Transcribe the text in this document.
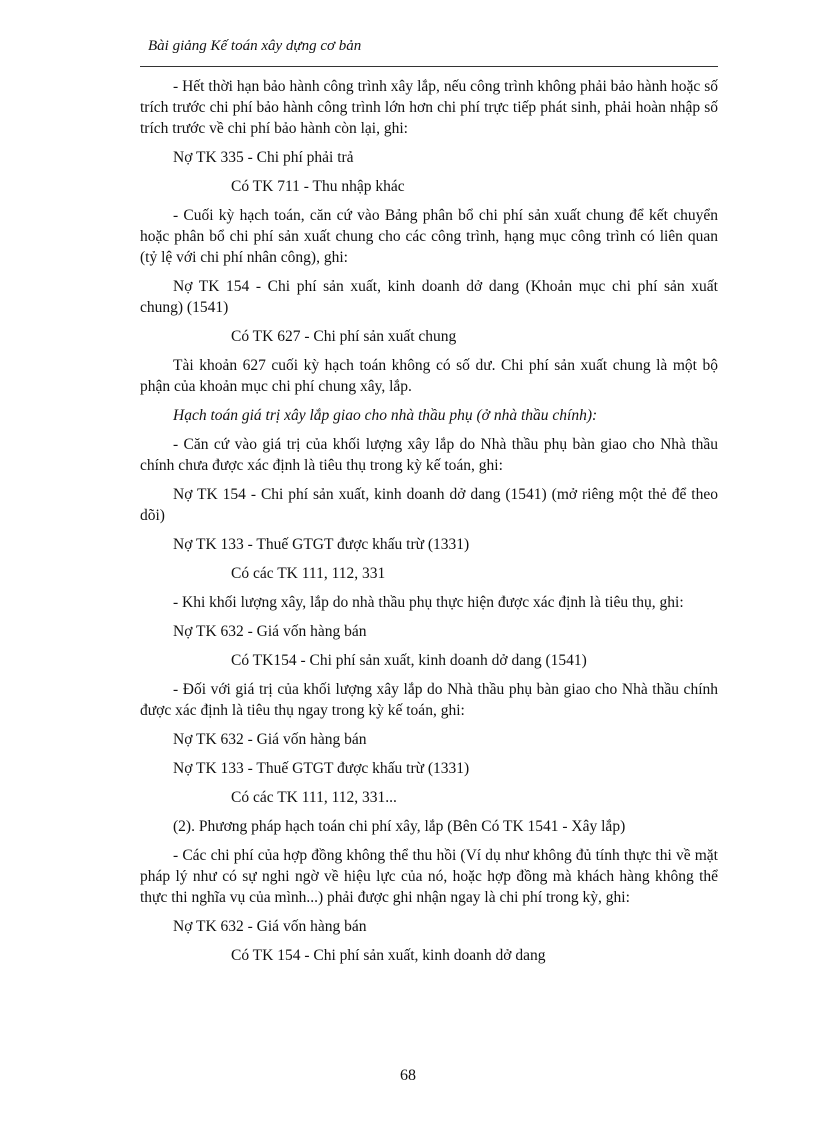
Bài giảng Kế toán xây dựng cơ bản

- Hết thời hạn bảo hành công trình xây lắp, nếu công trình không phải bảo hành hoặc số trích trước chi phí bảo hành công trình lớn hơn chi phí trực tiếp phát sinh, phải hoàn nhập số trích trước về chi phí bảo hành còn lại, ghi:

Nợ TK 335 - Chi phí phải trả
Có TK 711 - Thu nhập khác

- Cuối kỳ hạch toán, căn cứ vào Bảng phân bổ chi phí sản xuất chung để kết chuyển hoặc phân bổ chi phí sản xuất chung cho các công trình, hạng mục công trình có liên quan (tỷ lệ với chi phí nhân công), ghi:

Nợ TK 154 - Chi phí sản xuất, kinh doanh dở dang (Khoản mục chi phí sản xuất chung) (1541)

Có TK 627 - Chi phí sản xuất chung

Tài khoản 627 cuối kỳ hạch toán không có số dư. Chi phí sản xuất chung là một bộ phận của khoản mục chi phí chung xây, lắp.

Hạch toán giá trị xây lắp giao cho nhà thầu phụ (ở nhà thầu chính):

- Căn cứ vào giá trị của khối lượng xây lắp do Nhà thầu phụ bàn giao cho Nhà thầu chính chưa được xác định là tiêu thụ trong kỳ kế toán, ghi:

Nợ TK 154 - Chi phí sản xuất, kinh doanh dở dang (1541) (mở riêng một thẻ để theo dõi)

Nợ TK 133 - Thuế GTGT được khấu trừ (1331)
Có các TK 111, 112, 331
- Khi khối lượng xây, lắp do nhà thầu phụ thực hiện được xác định là tiêu thụ, ghi:
Nợ TK 632 - Giá vốn hàng bán
Có TK154 - Chi phí sản xuất, kinh doanh dở dang (1541)

- Đối với giá trị của khối lượng xây lắp do Nhà thầu phụ bàn giao cho Nhà thầu chính được xác định là tiêu thụ ngay trong kỳ kế toán, ghi:

Nợ TK 632 - Giá vốn hàng bán
Nợ TK 133 - Thuế GTGT được khấu trừ (1331)
Có các TK 111, 112, 331...
(2). Phương pháp hạch toán chi phí xây, lắp (Bên Có TK 1541 - Xây lắp)

- Các chi phí của hợp đồng không thể thu hồi (Ví dụ như không đủ tính thực thi về mặt pháp lý như có sự nghi ngờ về hiệu lực của nó, hoặc hợp đồng mà khách hàng không thể thực thi nghĩa vụ của mình...) phải được ghi nhận ngay là chi phí trong kỳ, ghi:

Nợ TK 632 - Giá vốn hàng bán
Có TK 154 - Chi phí sản xuất, kinh doanh dở dang
68
